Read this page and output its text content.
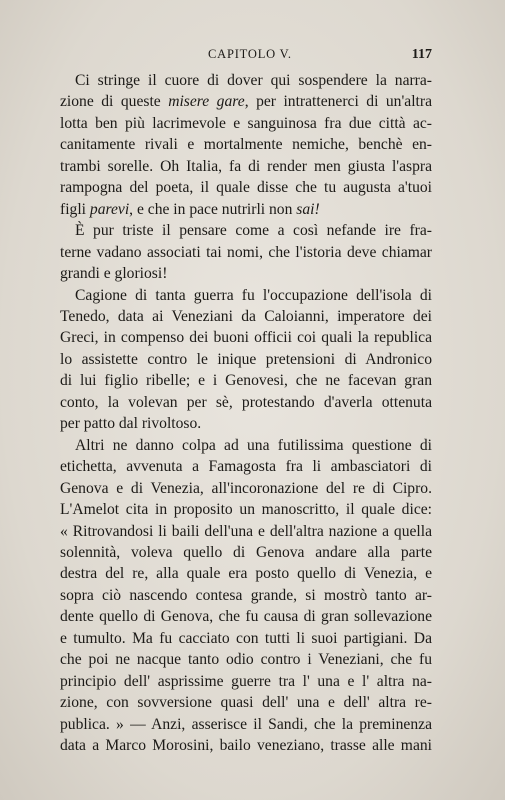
CAPITOLO V.	117

Ci stringe il cuore di dover qui sospendere la narra-
zione di queste misere gare, per intrattenerci di un'altra
lotta ben più lacrimevole e sanguinosa fra due città ac-
canitamente rivali e mortalmente nemiche, benchè en-
trambi sorelle. Oh Italia, fa di render men giusta l'aspra
rampogna del poeta, il quale disse che tu augusta a'tuoi
figli parevi, e che in pace nutrirli non sai!

È pur triste il pensare come a così nefande ire fra-
terne vadano associati tai nomi, che l'istoria deve chiamar
grandi e gloriosi!

Cagione di tanta guerra fu l'occupazione dell'isola di
Tenedo, data ai Veneziani da Caloianni, imperatore dei
Greci, in compenso dei buoni officii coi quali la republica
lo assistette contro le inique pretensioni di Andronico
di lui figlio ribelle; e i Genovesi, che ne facevan gran
conto, la volevan per sè, protestando d'averla ottenuta
per patto dal rivoltoso.

Altri ne danno colpa ad una futilissima questione di
etichetta, avvenuta a Famagosta fra li ambasciatori di
Genova e di Venezia, all'incoronazione del re di Cipro.
L'Amelot cita in proposito un manoscritto, il quale dice:
« Ritrovandosi li baili dell'una e dell'altra nazione a quella
solennità, voleva quello di Genova andare alla parte
destra del re, alla quale era posto quello di Venezia, e
sopra ciò nascendo contesa grande, si mostrò tanto ar-
dente quello di Genova, che fu causa di gran sollevazione
e tumulto. Ma fu cacciato con tutti li suoi partigiani. Da
che poi ne nacque tanto odio contro i Veneziani, che fu
principio dell' asprissime guerre tra l' una e l' altra na-
zione, con sovversione quasi dell' una e dell' altra re-
publica. » — Anzi, asserisce il Sandi, che la preminenza
data a Marco Morosini, bailo veneziano, trasse alle mani
